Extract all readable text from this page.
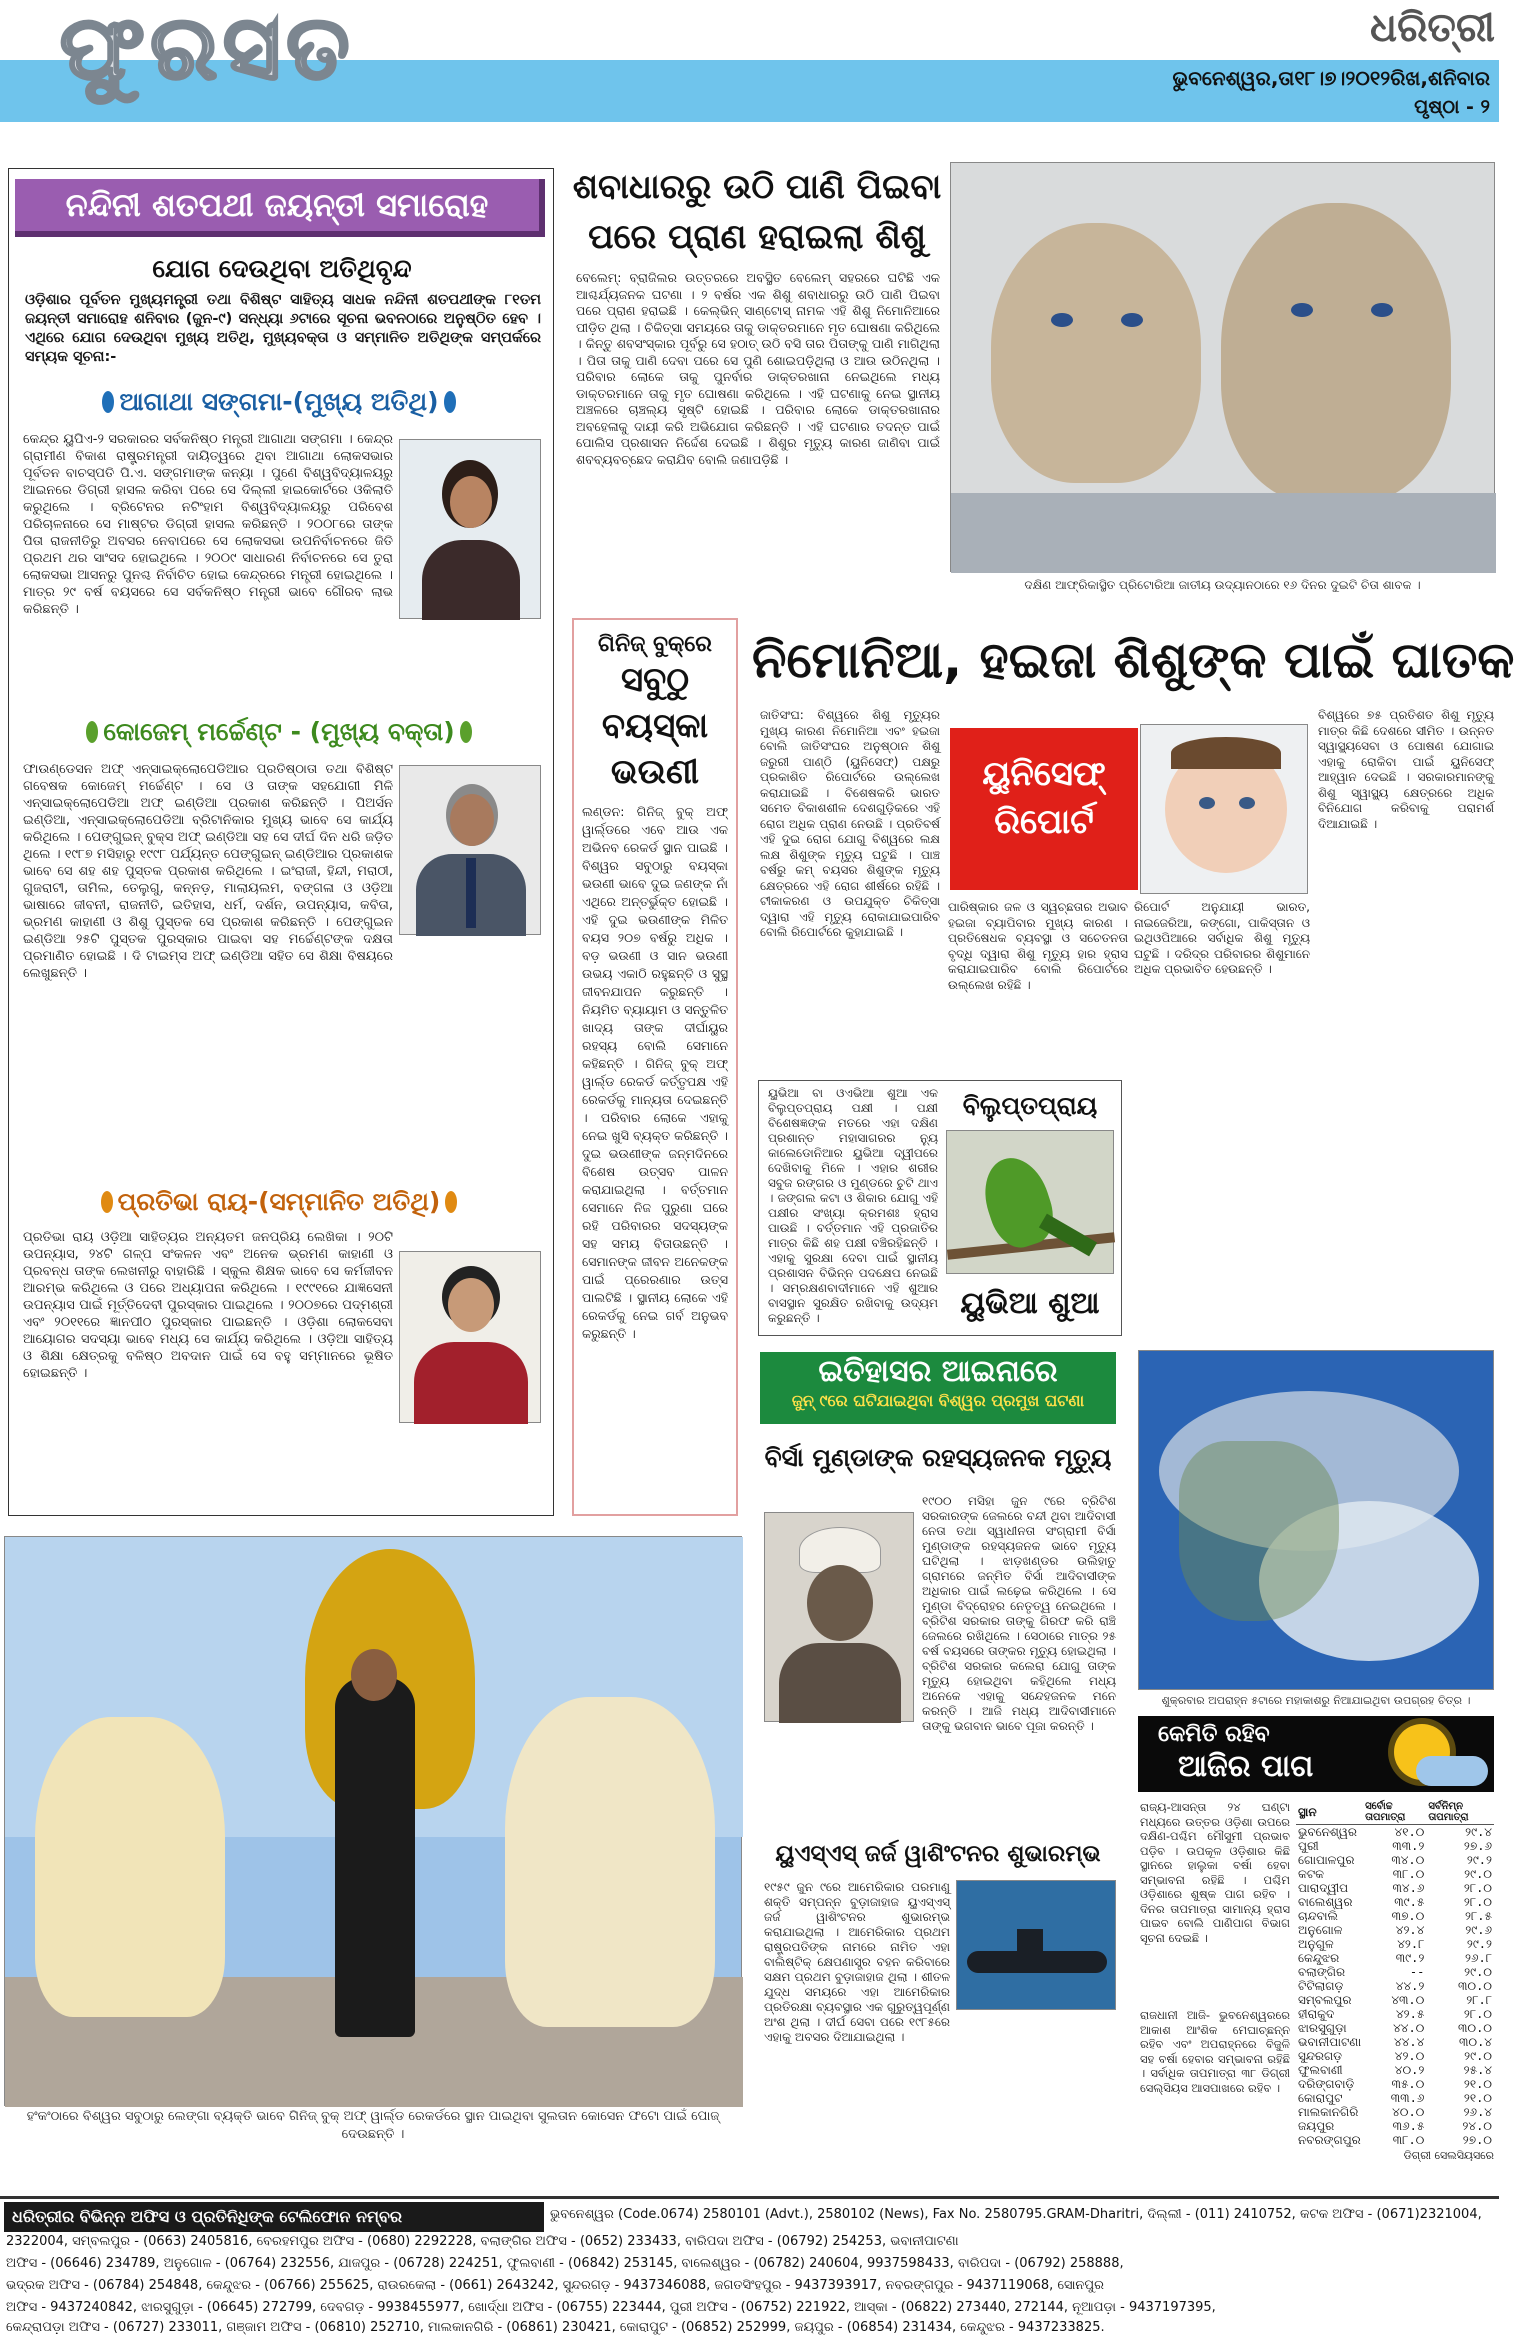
ଫୁରସତ	ଧରିତ୍ରୀ
ଭୁବନେଶ୍ୱର,ତା୧୮।୭।୨୦୧୨ରିଖ,ଶନିବାର
ପୃଷ୍ଠା - ୨
ନନ୍ଦିନୀ ଶତପଥୀ ଜୟନ୍ତୀ ସମାରୋହ
ଯୋଗ ଦେଉଥିବା ଅତିଥିବୃନ୍ଦ
ଓଡ଼ିଶାର ପୂର୍ବତନ ମୁଖ୍ୟମନ୍ତ୍ରୀ ତଥା ବିଶିଷ୍ଟ ସାହିତ୍ୟ ସାଧକ ନନ୍ଦିନୀ ଶତପଥୀଙ୍କ ୮୧ତମ ଜୟନ୍ତୀ ସମାରୋହ ଶନିବାର (ଜୁନ-୯) ସନ୍ଧ୍ୟା ୬ଟାରେ ସୂଚନା ଭବନଠାରେ ଅନୁଷ୍ଠିତ ହେବ । ଏଥିରେ ଯୋଗ ଦେଉଥିବା ମୁଖ୍ୟ ଅତିଥି, ମୁଖ୍ୟବକ୍ତା ଓ ସମ୍ମାନିତ ଅତିଥିଙ୍କ ସମ୍ପର୍କରେ ସମ୍ୟକ ସୂଚନା:-
ଆଗାଥା ସଙ୍ଗମା-(ମୁଖ୍ୟ ଅତିଥି)
କେନ୍ଦ୍ର ୟୁପିଏ-୨ ସରକାରର ସର୍ବକନିଷ୍ଠ ମନ୍ତ୍ରୀ ଆଗାଥା ସଙ୍ଗମା । କେନ୍ଦ୍ର ଗ୍ରାମୀଣ ବିକାଶ ରାଷ୍ଟ୍ରମନ୍ତ୍ରୀ ଦାୟିତ୍ୱରେ ଥିବା ଆଗାଥା ଲୋକସଭାର ପୂର୍ବତନ ବାଚସ୍ପତି ପି.ଏ. ସଙ୍ଗମାଙ୍କ କନ୍ୟା । ପୁଣେ ବିଶ୍ୱବିଦ୍ୟାଳୟରୁ ଆଇନରେ ଡିଗ୍ରୀ ହାସଲ କରିବା ପରେ ସେ ଦିଲ୍ଲୀ ହାଇକୋର୍ଟରେ ଓକିଲାତି କରୁଥିଲେ । ବ୍ରିଟେନର ନଟିଂହାମ ବିଶ୍ୱବିଦ୍ୟାଳୟରୁ ପରିବେଶ ପରିଚାଳନାରେ ସେ ମାଷ୍ଟର ଡିଗ୍ରୀ ହାସଲ କରିଛନ୍ତି । ୨୦୦୮ରେ ତାଙ୍କ ପିତା ରାଜନୀତିରୁ ଅବସର ନେବାପରେ ସେ ଲୋକସଭା ଉପନିର୍ବାଚନରେ ଜିତି ପ୍ରଥମ ଥର ସାଂସଦ ହୋଇଥିଲେ । ୨୦୦୯ ସାଧାରଣ ନିର୍ବାଚନରେ ସେ ତୁରା ଲୋକସଭା ଆସନରୁ ପୁନଶ୍ଚ ନିର୍ବାଚିତ ହୋଇ କେନ୍ଦ୍ରରେ ମନ୍ତ୍ରୀ ହୋଇଥିଲେ । ମାତ୍ର ୨୯ ବର୍ଷ ବୟସରେ ସେ ସର୍ବକନିଷ୍ଠ ମନ୍ତ୍ରୀ ଭାବେ ଗୌରବ ଲାଭ କରିଛନ୍ତି ।
କୋଜେମ୍ ମର୍ଚ୍ଚେଣ୍ଟ - (ମୁଖ୍ୟ ବକ୍ତା)
ଫାଉଣ୍ଡେସନ ଅଫ୍ ଏନ୍ସାଇକ୍ଲୋପେଡିଆର ପ୍ରତିଷ୍ଠାତା ତଥା ବିଶିଷ୍ଟ ଗବେଷକ କୋଜେମ୍ ମର୍ଚ୍ଚେଣ୍ଟ । ସେ ଓ ତାଙ୍କ ସହଯୋଗୀ ମିଳି ଏନ୍ସାଇକ୍ଲୋପେଡିଆ ଅଫ୍ ଇଣ୍ଡିଆ ପ୍ରକାଶ କରିଛନ୍ତି । ପିଅର୍ସନ ଇଣ୍ଡିଆ, ଏନ୍ସାଇକ୍ଲୋପେଡିଆ ବ୍ରିଟାନିକାର ମୁଖ୍ୟ ଭାବେ ସେ କାର୍ଯ୍ୟ କରିଥିଲେ । ପେଙ୍ଗୁଇନ୍ ବୁକ୍ସ ଅଫ୍ ଇଣ୍ଡିଆ ସହ ସେ ଦୀର୍ଘ ଦିନ ଧରି ଜଡ଼ିତ ଥିଲେ । ୧୯୮୭ ମସିହାରୁ ୧୯୯୮ ପର୍ଯ୍ୟନ୍ତ ପେଙ୍ଗୁଇନ୍ ଇଣ୍ଡିଆର ପ୍ରକାଶକ ଭାବେ ସେ ଶହ ଶହ ପୁସ୍ତକ ପ୍ରକାଶ କରିଥିଲେ । ଇଂରାଜୀ, ହିନ୍ଦୀ, ମରାଠୀ, ଗୁଜରାଟୀ, ତାମିଲ, ତେଲୁଗୁ, କନ୍ନଡ଼, ମାଲାୟଲମ, ବଙ୍ଗଳା ଓ ଓଡ଼ିଆ ଭାଷାରେ ଜୀବନୀ, ରାଜନୀତି, ଇତିହାସ, ଧର୍ମ, ଦର୍ଶନ, ଉପନ୍ୟାସ, କବିତା, ଭ୍ରମଣ କାହାଣୀ ଓ ଶିଶୁ ପୁସ୍ତକ ସେ ପ୍ରକାଶ କରିଛନ୍ତି । ପେଙ୍ଗୁଇନ ଇଣ୍ଡିଆ ୨୫ଟି ପୁସ୍ତକ ପୁରସ୍କାର ପାଇବା ସହ ମର୍ଚ୍ଚେଣ୍ଟଙ୍କ ଦକ୍ଷତା ପ୍ରମାଣିତ ହୋଇଛି । ଦି ଟାଇମ୍ସ ଅଫ୍ ଇଣ୍ଡିଆ ସହିତ ସେ ଶିକ୍ଷା ବିଷୟରେ ଲେଖୁଛନ୍ତି ।
ପ୍ରତିଭା ରାୟ-(ସମ୍ମାନିତ ଅତିଥି)
ପ୍ରତିଭା ରାୟ ଓଡ଼ିଆ ସାହିତ୍ୟର ଅନ୍ୟତମ ଜନପ୍ରିୟ ଲେଖିକା । ୨୦ଟି ଉପନ୍ୟାସ, ୨୪ଟି ଗଳ୍ପ ସଂକଳନ ଏବଂ ଅନେକ ଭ୍ରମଣ କାହାଣୀ ଓ ପ୍ରବନ୍ଧ ତାଙ୍କ ଲେଖନୀରୁ ବାହାରିଛି । ସ୍କୁଲ ଶିକ୍ଷକ ଭାବେ ସେ କର୍ମଜୀବନ ଆରମ୍ଭ କରିଥିଲେ ଓ ପରେ ଅଧ୍ୟାପନା କରିଥିଲେ । ୧୯୯୧ରେ ଯାଜ୍ଞସେନୀ ଉପନ୍ୟାସ ପାଇଁ ମୂର୍ତ୍ତିଦେବୀ ପୁରସ୍କାର ପାଇଥିଲେ । ୨୦୦୭ରେ ପଦ୍ମଶ୍ରୀ ଏବଂ ୨୦୧୧ରେ ଜ୍ଞାନପୀଠ ପୁରସ୍କାର ପାଇଛନ୍ତି । ଓଡ଼ିଶା ଲୋକସେବା ଆୟୋଗର ସଦସ୍ୟା ଭାବେ ମଧ୍ୟ ସେ କାର୍ଯ୍ୟ କରିଥିଲେ । ଓଡ଼ିଆ ସାହିତ୍ୟ ଓ ଶିକ୍ଷା କ୍ଷେତ୍ରକୁ ବଳିଷ୍ଠ ଅବଦାନ ପାଇଁ ସେ ବହୁ ସମ୍ମାନରେ ଭୂଷିତ ହୋଇଛନ୍ତି ।
ଶବାଧାରରୁ ଉଠି ପାଣି ପିଇବା ପରେ ପ୍ରାଣ ହରାଇଲା ଶିଶୁ
ବେଲେମ୍: ବ୍ରାଜିଲର ଉତ୍ତରରେ ଅବସ୍ଥିତ ବେଲେମ୍ ସହରରେ ଘଟିଛି ଏକ ଆଶ୍ଚର୍ଯ୍ୟଜନକ ଘଟଣା । ୨ ବର୍ଷର ଏକ ଶିଶୁ ଶବାଧାରରୁ ଉଠି ପାଣି ପିଇବା ପରେ ପ୍ରାଣ ହରାଇଛି । କେଲ୍ଭିନ୍ ସାଣ୍ଟୋସ୍ ନାମକ ଏହି ଶିଶୁ ନିମୋନିଆରେ ପୀଡ଼ିତ ଥିଲା । ଚିକିତ୍ସା ସମୟରେ ତାକୁ ଡାକ୍ତରମାନେ ମୃତ ଘୋଷଣା କରିଥିଲେ । କିନ୍ତୁ ଶବସଂସ୍କାର ପୂର୍ବରୁ ସେ ହଠାତ୍ ଉଠି ବସି ତାର ପିତାଙ୍କୁ ପାଣି ମାଗିଥିଲା । ପିତା ତାକୁ ପାଣି ଦେବା ପରେ ସେ ପୁଣି ଶୋଇପଡ଼ିଥିଲା ଓ ଆଉ ଉଠିନଥିଲା । ପରିବାର ଲୋକେ ତାକୁ ପୁନର୍ବାର ଡାକ୍ତରଖାନା ନେଇଥିଲେ ମଧ୍ୟ ଡାକ୍ତରମାନେ ତାକୁ ମୃତ ଘୋଷଣା କରିଥିଲେ । ଏହି ଘଟଣାକୁ ନେଇ ସ୍ଥାନୀୟ ଅଞ୍ଚଳରେ ଚାଞ୍ଚଲ୍ୟ ସୃଷ୍ଟି ହୋଇଛି । ପରିବାର ଲୋକେ ଡାକ୍ତରଖାନାର ଅବହେଳାକୁ ଦାୟୀ କରି ଅଭିଯୋଗ କରିଛନ୍ତି । ଏହି ଘଟଣାର ତଦନ୍ତ ପାଇଁ ପୋଲିସ ପ୍ରଶାସନ ନିର୍ଦ୍ଦେଶ ଦେଇଛି । ଶିଶୁର ମୃତ୍ୟୁ କାରଣ ଜାଣିବା ପାଇଁ ଶବବ୍ୟବଚ୍ଛେଦ କରାଯିବ ବୋଲି ଜଣାପଡ଼ିଛି ।
ଦକ୍ଷିଣ ଆଫ୍ରିକାସ୍ଥିତ ପ୍ରିଟୋରିଆ ଜାତୀୟ ଉଦ୍ୟାନଠାରେ ୧୬ ଦିନର ଦୁଇଟି ଚିତା ଶାବକ ।
ଗିନିଜ୍ ବୁକ୍‌ରେ
ସବୁଠୁ
ବୟସ୍କା
ଭଉଣୀ
ଲଣ୍ଡନ: ଗିନିଜ୍ ବୁକ୍ ଅଫ୍ ୱାର୍ଲ୍ଡରେ ଏବେ ଆଉ ଏକ ଅଭିନବ ରେକର୍ଡ ସ୍ଥାନ ପାଇଛି । ବିଶ୍ୱର ସବୁଠାରୁ ବୟସ୍କା ଭଉଣୀ ଭାବେ ଦୁଇ ଜଣଙ୍କ ନାଁ ଏଥିରେ ଅନ୍ତର୍ଭୁକ୍ତ ହୋଇଛି । ଏହି ଦୁଇ ଭଉଣୀଙ୍କ ମିଳିତ ବୟସ ୨୦୭ ବର୍ଷରୁ ଅଧିକ । ବଡ଼ ଭଉଣୀ ଓ ସାନ ଭଉଣୀ ଉଭୟ ଏକାଠି ରହୁଛନ୍ତି ଓ ସୁସ୍ଥ ଜୀବନଯାପନ କରୁଛନ୍ତି । ନିୟମିତ ବ୍ୟାୟାମ ଓ ସନ୍ତୁଳିତ ଖାଦ୍ୟ ତାଙ୍କ ଦୀର୍ଘାୟୁର ରହସ୍ୟ ବୋଲି ସେମାନେ କହିଛନ୍ତି । ଗିନିଜ୍ ବୁକ୍ ଅଫ୍ ୱାର୍ଲ୍ଡ ରେକର୍ଡ କର୍ତ୍ତୃପକ୍ଷ ଏହି ରେକର୍ଡକୁ ମାନ୍ୟତା ଦେଇଛନ୍ତି । ପରିବାର ଲୋକେ ଏହାକୁ ନେଇ ଖୁସି ବ୍ୟକ୍ତ କରିଛନ୍ତି । ଦୁଇ ଭଉଣୀଙ୍କ ଜନ୍ମଦିନରେ ବିଶେଷ ଉତ୍ସବ ପାଳନ କରାଯାଇଥିଲା । ବର୍ତ୍ତମାନ ସେମାନେ ନିଜ ପୁରୁଣା ଘରେ ରହି ପରିବାରର ସଦସ୍ୟଙ୍କ ସହ ସମୟ ବିତାଉଛନ୍ତି । ସେମାନଙ୍କ ଜୀବନ ଅନେକଙ୍କ ପାଇଁ ପ୍ରେରଣାର ଉତ୍ସ ପାଲଟିଛି । ସ୍ଥାନୀୟ ଲୋକେ ଏହି ରେକର୍ଡକୁ ନେଇ ଗର୍ବ ଅନୁଭବ କରୁଛନ୍ତି ।
ନିମୋନିଆ, ହଇଜା ଶିଶୁଙ୍କ ପାଇଁ ଘାତକ
ଜାତିସଂଘ: ବିଶ୍ୱରେ ଶିଶୁ ମୃତ୍ୟୁର ମୁଖ୍ୟ କାରଣ ନିମୋନିଆ ଏବଂ ହଇଜା ବୋଲି ଜାତିସଂଘର ଅନୁଷ୍ଠାନ ଶିଶୁ ଜରୁରୀ ପାଣ୍ଠି (ୟୁନିସେଫ୍) ପକ୍ଷରୁ ପ୍ରକାଶିତ ରିପୋର୍ଟରେ ଉଲ୍ଲେଖ କରାଯାଇଛି । ବିଶେଷକରି ଭାରତ ସମେତ ବିକାଶଶୀଳ ଦେଶଗୁଡ଼ିକରେ ଏହି ରୋଗ ଅଧିକ ପ୍ରାଣ ନେଉଛି । ପ୍ରତିବର୍ଷ ଏହି ଦୁଇ ରୋଗ ଯୋଗୁ ବିଶ୍ୱରେ ଲକ୍ଷ ଲକ୍ଷ ଶିଶୁଙ୍କ ମୃତ୍ୟୁ ଘଟୁଛି । ପାଞ୍ଚ ବର୍ଷରୁ କମ୍ ବୟସର ଶିଶୁଙ୍କ ମୃତ୍ୟୁ କ୍ଷେତ୍ରରେ ଏହି ରୋଗ ଶୀର୍ଷରେ ରହିଛି । ଟୀକାକରଣ ଓ ଉପଯୁକ୍ତ ଚିକିତ୍ସା ଦ୍ୱାରା ଏହି ମୃତ୍ୟୁ ରୋକାଯାଇପାରିବ ବୋଲି ରିପୋର୍ଟରେ କୁହାଯାଇଛି ।
ୟୁନିସେଫ୍
ରିପୋର୍ଟ
ବିଶ୍ୱରେ ୭୫ ପ୍ରତିଶତ ଶିଶୁ ମୃତ୍ୟୁ ମାତ୍ର କିଛି ଦେଶରେ ସୀମିତ । ଉନ୍ନତ ସ୍ୱାସ୍ଥ୍ୟସେବା ଓ ପୋଷଣ ଯୋଗାଇ ଏହାକୁ ରୋକିବା ପାଇଁ ୟୁନିସେଫ୍ ଆହ୍ୱାନ ଦେଇଛି । ସରକାରମାନଙ୍କୁ ଶିଶୁ ସ୍ୱାସ୍ଥ୍ୟ କ୍ଷେତ୍ରରେ ଅଧିକ ବିନିଯୋଗ କରିବାକୁ ପରାମର୍ଶ ଦିଆଯାଇଛି ।
ପାରିଷ୍କାର ଜଳ ଓ ସ୍ୱଚ୍ଛତାର ଅଭାବ ହଇଜା ବ୍ୟାପିବାର ମୁଖ୍ୟ କାରଣ । ପ୍ରତିଷେଧକ ବ୍ୟବସ୍ଥା ଓ ସଚେତନତା ବୃଦ୍ଧି ଦ୍ୱାରା ଶିଶୁ ମୃତ୍ୟୁ ହାର ହ୍ରାସ କରାଯାଇପାରିବ ବୋଲି ରିପୋର୍ଟରେ ଉଲ୍ଲେଖ ରହିଛି ।
ରିପୋର୍ଟ ଅନୁଯାୟୀ ଭାରତ, ନାଇଜେରିଆ, କଙ୍ଗୋ, ପାକିସ୍ତାନ ଓ ଇଥିଓପିଆରେ ସର୍ବାଧିକ ଶିଶୁ ମୃତ୍ୟୁ ଘଟୁଛି । ଦରିଦ୍ର ପରିବାରର ଶିଶୁମାନେ ଅଧିକ ପ୍ରଭାବିତ ହେଉଛନ୍ତି ।
ୟୁଭିଆ ବା ଓଏଭିଆ ଶୁଆ ଏକ ବିଲୁପ୍ତପ୍ରାୟ ପକ୍ଷୀ । ପକ୍ଷୀ ବିଶେଷଜ୍ଞଙ୍କ ମତରେ ଏହା ଦକ୍ଷିଣ ପ୍ରଶାନ୍ତ ମହାସାଗରର ନ୍ୟୁ କାଲେଡୋନିଆର ୟୁଭିଆ ଦ୍ୱୀପରେ ଦେଖିବାକୁ ମିଳେ । ଏହାର ଶରୀର ସବୁଜ ରଙ୍ଗର ଓ ମୁଣ୍ଡରେ ଚୁଟି ଥାଏ । ଜଙ୍ଗଲ କଟା ଓ ଶିକାର ଯୋଗୁ ଏହି ପକ୍ଷୀର ସଂଖ୍ୟା କ୍ରମଶଃ ହ୍ରାସ ପାଉଛି । ବର୍ତ୍ତମାନ ଏହି ପ୍ରଜାତିର ମାତ୍ର କିଛି ଶହ ପକ୍ଷୀ ବଞ୍ଚିରହିଛନ୍ତି । ଏହାକୁ ସୁରକ୍ଷା ଦେବା ପାଇଁ ସ୍ଥାନୀୟ ପ୍ରଶାସନ ବିଭିନ୍ନ ପଦକ୍ଷେପ ନେଇଛି । ସମ୍ରକ୍ଷଣବାଦୀମାନେ ଏହି ଶୁଆର ବାସସ୍ଥାନ ସୁରକ୍ଷିତ ରଖିବାକୁ ଉଦ୍ୟମ କରୁଛନ୍ତି ।
ବିଲୁପ୍ତପ୍ରାୟ
ୟୁଭିଆ ଶୁଆ
ଇତିହାସର ଆଇନାରେ
ଜୁନ୍ ୯ରେ ଘଟିଯାଇଥିବା ବିଶ୍ୱର ପ୍ରମୁଖ ଘଟଣା
ବିର୍ସା ମୁଣ୍ଡାଙ୍କ ରହସ୍ୟଜନକ ମୃତ୍ୟୁ
୧୯୦୦ ମସିହା ଜୁନ ୯ରେ ବ୍ରିଟିଶ ସରକାରଙ୍କ ଜେଲରେ ବନ୍ଦୀ ଥିବା ଆଦିବାସୀ ନେତା ତଥା ସ୍ୱାଧୀନତା ସଂଗ୍ରାମୀ ବିର୍ସା ମୁଣ୍ଡାଙ୍କ ରହସ୍ୟଜନକ ଭାବେ ମୃତ୍ୟୁ ଘଟିଥିଲା । ଝାଡ଼ଖଣ୍ଡର ଉଲିହାତୁ ଗ୍ରାମରେ ଜନ୍ମିତ ବିର୍ସା ଆଦିବାସୀଙ୍କ ଅଧିକାର ପାଇଁ ଲଢ଼େଇ କରିଥିଲେ । ସେ ମୁଣ୍ଡା ବିଦ୍ରୋହର ନେତୃତ୍ୱ ନେଇଥିଲେ । ବ୍ରିଟିଶ ସରକାର ତାଙ୍କୁ ଗିରଫ କରି ରାଞ୍ଚି ଜେଲରେ ରଖିଥିଲେ । ସେଠାରେ ମାତ୍ର ୨୫ ବର୍ଷ ବୟସରେ ତାଙ୍କର ମୃତ୍ୟୁ ହୋଇଥିଲା । ବ୍ରିଟିଶ ସରକାର କଲେରା ଯୋଗୁ ତାଙ୍କ ମୃତ୍ୟୁ ହୋଇଥିବା କହିଥିଲେ ମଧ୍ୟ ଅନେକେ ଏହାକୁ ସନ୍ଦେହଜନକ ମନେ କରନ୍ତି । ଆଜି ମଧ୍ୟ ଆଦିବାସୀମାନେ ତାଙ୍କୁ ଭଗବାନ ଭାବେ ପୂଜା କରନ୍ତି ।
ୟୁଏସ୍ଏସ୍ ଜର୍ଜ ୱାଶିଂଟନର ଶୁଭାରମ୍ଭ
୧୯୫୯ ଜୁନ ୯ରେ ଆମେରିକାର ପରମାଣୁ ଶକ୍ତି ସମ୍ପନ୍ନ ବୁଡ଼ାଜାହାଜ ୟୁଏସ୍ଏସ୍ ଜର୍ଜ ୱାଶିଂଟନର ଶୁଭାରମ୍ଭ କରାଯାଇଥିଲା । ଆମେରିକାର ପ୍ରଥମ ରାଷ୍ଟ୍ରପତିଙ୍କ ନାମରେ ନାମିତ ଏହା ବାଲିଷ୍ଟିକ୍ କ୍ଷେପଣାସ୍ତ୍ର ବହନ କରିବାରେ ସକ୍ଷମ ପ୍ରଥମ ବୁଡ଼ାଜାହାଜ ଥିଲା । ଶୀତଳ ଯୁଦ୍ଧ ସମୟରେ ଏହା ଆମେରିକାର ପ୍ରତିରକ୍ଷା ବ୍ୟବସ୍ଥାର ଏକ ଗୁରୁତ୍ୱପୂର୍ଣ୍ଣ ଅଂଶ ଥିଲା । ଦୀର୍ଘ ସେବା ପରେ ୧୯୮୫ରେ ଏହାକୁ ଅବସର ଦିଆଯାଇଥିଲା ।
ଶୁକ୍ରବାର ଅପରାହ୍ନ ୫ଟାରେ ମହାକାଶରୁ ନିଆଯାଇଥିବା ଉପଗ୍ରହ ଚିତ୍ର ।
କେମିତି ରହିବ
ଆଜିର ପାଗ
ରାଜ୍ୟ-ଆସନ୍ତା ୨୪ ଘଣ୍ଟା ମଧ୍ୟରେ ଉତ୍ତର ଓଡ଼ିଶା ଉପରେ ଦକ୍ଷିଣ-ପଶ୍ଚିମ ମୌସୁମୀ ପ୍ରଭାବ ପଡ଼ିବ । ଉପକୂଳ ଓଡ଼ିଶାର କିଛି ସ୍ଥାନରେ ହାଲୁକା ବର୍ଷା ହେବା ସମ୍ଭାବନା ରହିଛି । ପଶ୍ଚିମ ଓଡ଼ିଶାରେ ଶୁଷ୍କ ପାଗ ରହିବ । ଦିନର ତାପମାତ୍ରା ସାମାନ୍ୟ ହ୍ରାସ ପାଇବ ବୋଲି ପାଣିପାଗ ବିଭାଗ ସୂଚନା ଦେଇଛି ।
ରାଜଧାନୀ ଆଜି- ଭୁବନେଶ୍ୱରରେ ଆକାଶ ଆଂଶିକ ମେଘାଚ୍ଛନ୍ନ ରହିବ ଏବଂ ଅପରାହ୍ନରେ ବିଜୁଳି ସହ ବର୍ଷା ହେବାର ସମ୍ଭାବନା ରହିଛି । ସର୍ବାଧିକ ତାପମାତ୍ରା ୩୮ ଡିଗ୍ରୀ ସେଲ୍ସିୟସ ଆସପାଖରେ ରହିବ ।
ସ୍ଥାନ	ସର୍ବୋଚ୍ଚ ତାପମାତ୍ରା	ସର୍ବନିମ୍ନ ତାପମାତ୍ରା
ଭୁବନେଶ୍ୱର	୪୧.୦	୨୯.୪
ପୁରୀ	୩୩.୨	୨୭.୬
ଗୋପାଳପୁର	୩୪.୦	୨୯.୨
କଟକ	୩୮.୦	୨୯.୦
ପାରାଦ୍ୱୀପ	୩୪.୬	୨୮.୦
ବାଲେଶ୍ୱର	୩୯.୫	୨୮.୦
ଚାନ୍ଦବାଲି	୩୭.୦	୨୮.୫
ଅନୁଗୋଳ	୪୨.୪	୨୯.୬
ଅନୁଗୁଳ	୪୨.୮	୨୯.୨
କେନ୍ଦୁଝର	୩୯.୨	୨୬.୮
ବଲାଙ୍ଗିର	--	୨୯.୦
ଟିଟିଲାଗଡ଼	୪୪.୨	୩୦.୦
ସମ୍ବଲପୁର	୪୩.୦	୨୮.୮
ହୀରାକୁଦ	୪୨.୫	୨୮.୦
ଝାରସୁଗୁଡ଼ା	୪୪.୦	୩୦.୦
ଭବାନୀପାଟଣା	୪୪.୪	୩୦.୪
ସୁନ୍ଦରଗଡ଼	୪୨.୦	୨୯.୦
ଫୁଲବାଣୀ	୪୦.୨	୨୫.୪
ଦରିଙ୍ଗବାଡ଼ି	୩୫.୦	୨୧.୦
କୋରାପୁଟ	୩୩.୬	୨୧.୦
ମାଲକାନଗିରି	୪୦.୦	୨୬.୪
ଜୟପୁର	୩୬.୫	୨୪.୦
ନବରଙ୍ଗପୁର	୩୮.୦	୨୭.୦
ଡିଗ୍ରୀ ସେଲସିୟସରେ
ହଂକଂଠାରେ ବିଶ୍ୱର ସବୁଠାରୁ ଲେଙ୍ଗା ବ୍ୟକ୍ତି ଭାବେ ଗିନିଜ୍ ବୁକ୍ ଅଫ୍ ୱାର୍ଲ୍ଡ ରେକର୍ଡରେ ସ୍ଥାନ ପାଇଥିବା ସୁଲତାନ କୋସେନ ଫଟୋ ପାଇଁ ପୋଜ୍ ଦେଉଛନ୍ତି ।
ଧରିତ୍ରୀର ବିଭିନ୍ନ ଅଫିସ ଓ ପ୍ରତିନିଧିଙ୍କ ଟେଲିଫୋନ ନମ୍ବର	ଭୁବନେଶ୍ୱର (Code.0674) 2580101 (Advt.), 2580102 (News), Fax No. 2580795.GRAM-Dharitri, ଦିଲ୍ଲୀ - (011) 2410752, କଟକ ଅଫିସ - (0671)2321004,
2322004, ସମ୍ବଲପୁର - (0663) 2405816, ବେରହମପୁର ଅଫିସ - (0680) 2292228, ବଲାଙ୍ଗିର ଅଫିସ - (0652) 233433, ବାରିପଦା ଅଫିସ - (06792) 254253, ଭବାନୀପାଟଣା
ଅଫିସ - (06646) 234789, ଅନୁଗୋଳ - (06764) 232556, ଯାଜପୁର - (06728) 224251, ଫୁଲବାଣୀ - (06842) 253145, ବାଲେଶ୍ୱର - (06782) 240604, 9937598433, ବାରିପଦା - (06792) 258888,
ଭଦ୍ରକ ଅଫିସ - (06784) 254848, କେନ୍ଦୁଝର - (06766) 255625, ରାଉରକେଲା - (0661) 2643242, ସୁନ୍ଦରଗଡ଼ - 9437346088, ଜଗତସିଂହପୁର - 9437393917, ନବରଙ୍ଗପୁର - 9437119068, ସୋନପୁର
ଅଫିସ - 9437240842, ଝାରସୁଗୁଡ଼ା - (06645) 272799, ଦେବଗଡ଼ - 9938455977, ଖୋର୍ଦ୍ଧା ଅଫିସ - (06755) 223444, ପୁରୀ ଅଫିସ - (06752) 221922, ଆସ୍କା - (06822) 273440, 272144, ନୂଆପଡ଼ା - 9437197395,
କେନ୍ଦ୍ରାପଡ଼ା ଅଫିସ - (06727) 233011, ଗଞ୍ଜାମ ଅଫିସ - (06810) 252710, ମାଲକାନଗିରି - (06861) 230421, କୋରାପୁଟ - (06852) 252999, ଜୟପୁର - (06854) 231434, କେନ୍ଦୁଝର - 9437233825.
